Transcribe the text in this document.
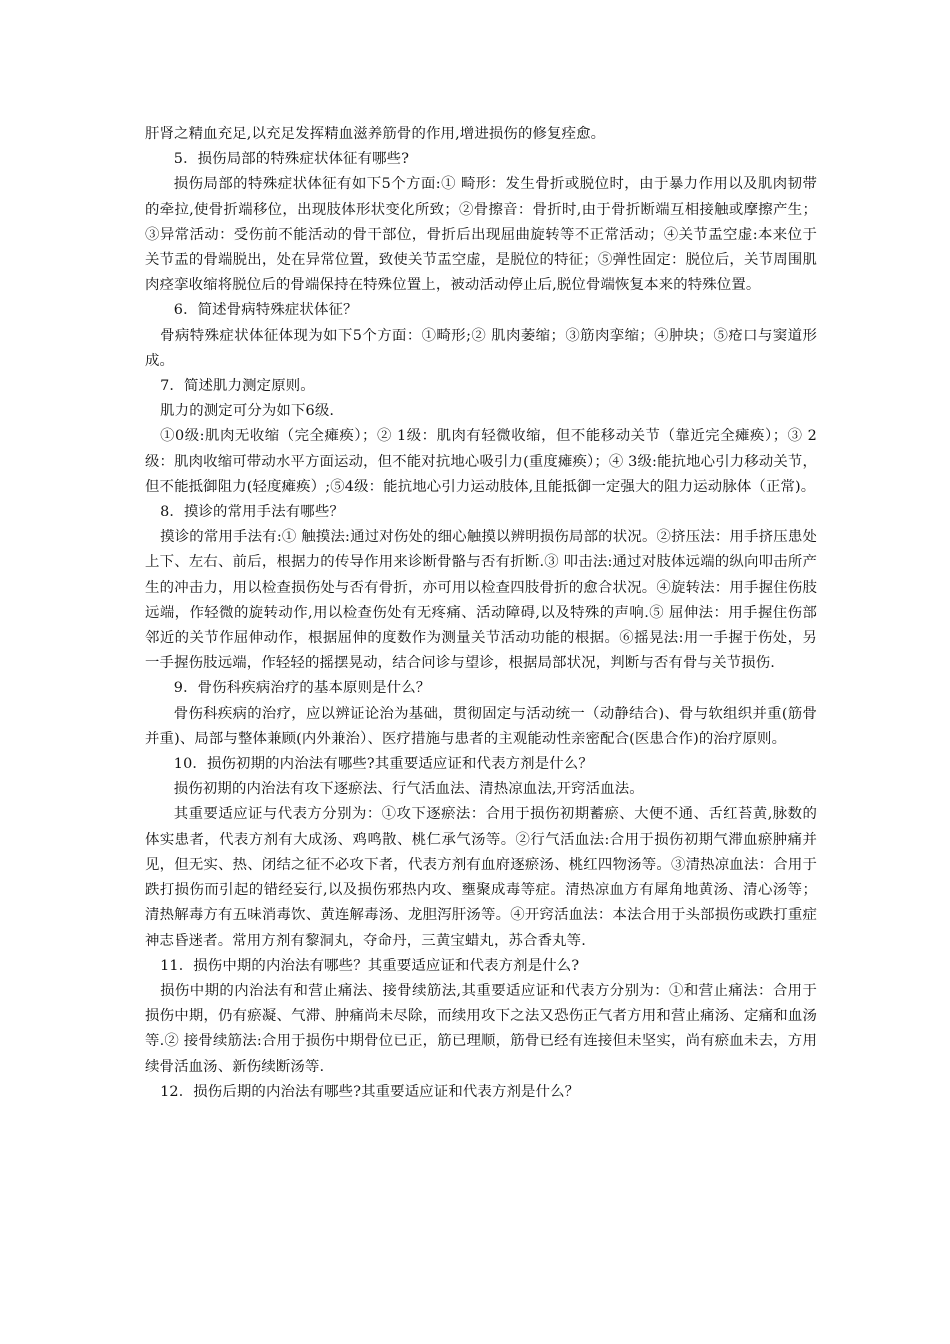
肝肾之精血充足,以充足发挥精血滋养筋骨的作用,增进损伤的修复痊愈。

5．损伤局部的特殊症状体征有哪些?

损伤局部的特殊症状体征有如下5个方面:① 畸形：发生骨折或脱位时，由于暴力作用以及肌肉韧带的牵拉,使骨折端移位，出现肢体形状变化所致；②骨擦音：骨折时,由于骨折断端互相接触或摩擦产生；③异常活动：受伤前不能活动的骨干部位，骨折后出现屈曲旋转等不正常活动；④关节盂空虚:本来位于关节盂的骨端脱出，处在异常位置，致使关节盂空虚，是脱位的特征；⑤弹性固定：脱位后，关节周围肌肉痉挛收缩将脱位后的骨端保持在特殊位置上，被动活动停止后,脱位骨端恢复本来的特殊位置。

6．简述骨病特殊症状体征？

骨病特殊症状体征体现为如下5个方面：①畸形;② 肌肉萎缩；③筋肉挛缩；④肿块；⑤疮口与窦道形成。

7．简述肌力测定原则。

肌力的测定可分为如下6级.

①0级:肌肉无收缩（完全瘫痪）；② 1级：肌肉有轻微收缩，但不能移动关节（靠近完全瘫痪）；③ 2级：肌肉收缩可带动水平方面运动，但不能对抗地心吸引力(重度瘫痪）；④ 3级:能抗地心引力移动关节，但不能抵御阻力(轻度瘫痪）;⑤4级：能抗地心引力运动肢体,且能抵御一定强大的阻力运动脉体（正常)。

8．摸诊的常用手法有哪些？

摸诊的常用手法有:① 触摸法:通过对伤处的细心触摸以辨明损伤局部的状况。②挤压法：用手挤压患处上下、左右、前后，根据力的传导作用来诊断骨骼与否有折断.③ 叩击法:通过对肢体远端的纵向叩击所产生的冲击力，用以检查损伤处与否有骨折，亦可用以检查四肢骨折的愈合状况。④旋转法：用手握住伤肢远端，作轻微的旋转动作,用以检查伤处有无疼痛、活动障碍,以及特殊的声响.⑤ 屈伸法：用手握住伤部邻近的关节作屈伸动作，根据屈伸的度数作为测量关节活动功能的根据。⑥摇晃法:用一手握于伤处，另一手握伤肢远端，作轻轻的摇摆晃动，结合问诊与望诊，根据局部状况，判断与否有骨与关节损伤.

9．骨伤科疾病治疗的基本原则是什么？

骨伤科疾病的治疗，应以辨证论治为基础，贯彻固定与活动统一（动静结合)、骨与软组织并重(筋骨并重)、局部与整体兼顾(内外兼治）、医疗措施与患者的主观能动性亲密配合(医患合作)的治疗原则。

10．损伤初期的内治法有哪些?其重要适应证和代表方剂是什么？

损伤初期的内治法有攻下逐瘀法、行气活血法、清热凉血法,开窍活血法。

其重要适应证与代表方分别为：①攻下逐瘀法：合用于损伤初期蓄瘀、大便不通、舌红苔黄,脉数的体实患者，代表方剂有大成汤、鸡鸣散、桃仁承气汤等。②行气活血法:合用于损伤初期气滞血瘀肿痛并见，但无实、热、闭结之征不必攻下者，代表方剂有血府逐瘀汤、桃红四物汤等。③清热凉血法：合用于跌打损伤而引起的错经妄行,以及损伤邪热内攻、壅聚成毒等症。清热凉血方有犀角地黄汤、清心汤等；清热解毒方有五味消毒饮、黄连解毒汤、龙胆泻肝汤等。④开窍活血法：本法合用于头部损伤或跌打重症神志昏迷者。常用方剂有黎洞丸，夺命丹，三黄宝蜡丸，苏合香丸等.

11．损伤中期的内治法有哪些？其重要适应证和代表方剂是什么?

损伤中期的内治法有和营止痛法、接骨续筋法,其重要适应证和代表方分别为：①和营止痛法：合用于损伤中期，仍有瘀凝、气滞、肿痛尚未尽除，而续用攻下之法又恐伤正气者方用和营止痛汤、定痛和血汤等.② 接骨续筋法:合用于损伤中期骨位已正，筋已理顺，筋骨已经有连接但未坚实，尚有瘀血未去，方用续骨活血汤、新伤续断汤等.

12．损伤后期的内治法有哪些?其重要适应证和代表方剂是什么？
